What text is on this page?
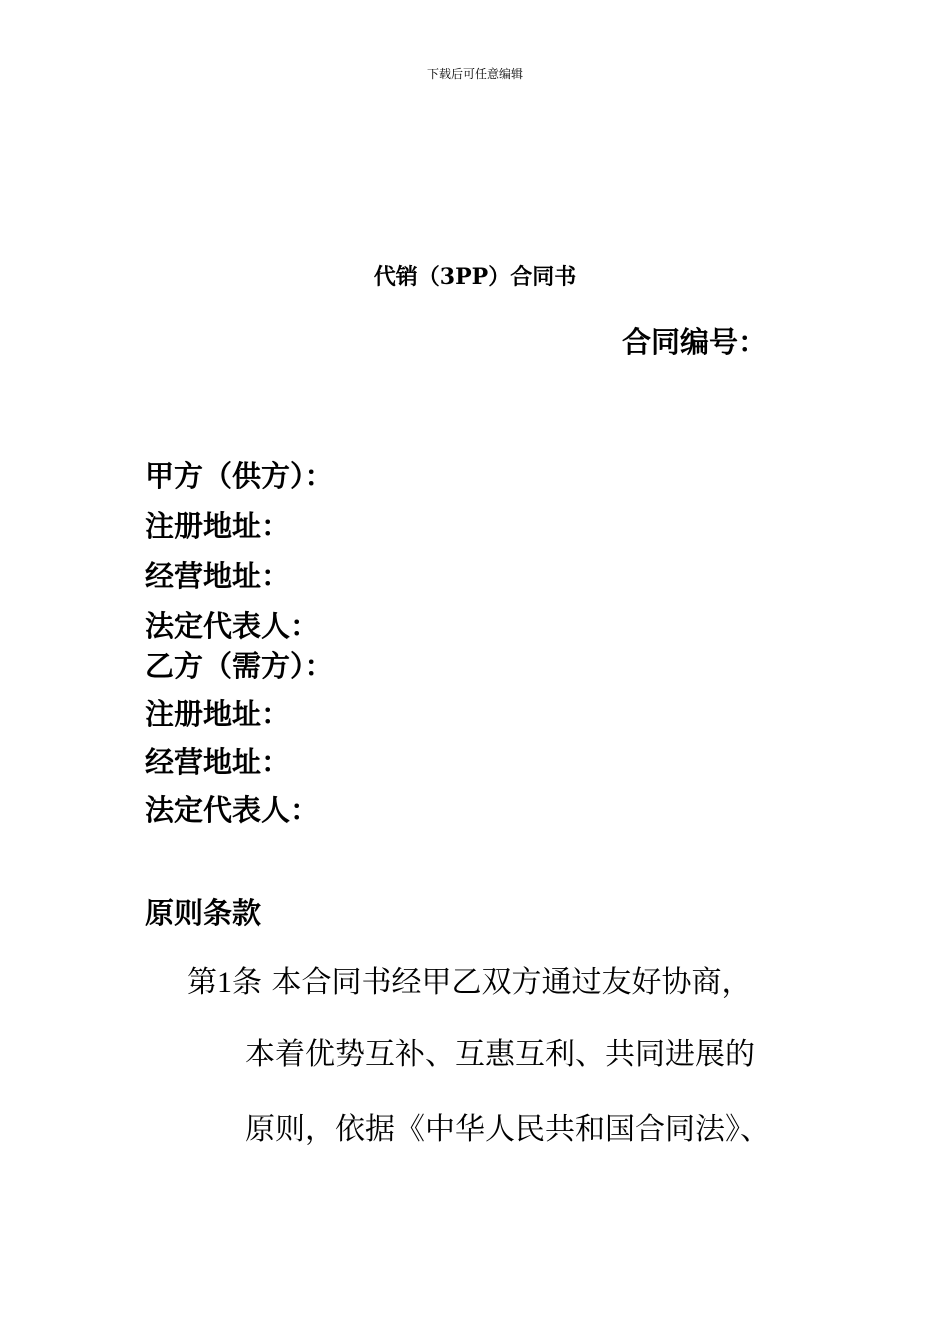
下载后可任意编辑
代销（3PP）合同书
合同编号：
甲方（供方）：
注册地址：
经营地址：
法定代表人：
乙方（需方）：
注册地址：
经营地址：
法定代表人：
原则条款
第1条 本合同书经甲乙双方通过友好协商，
本着优势互补、互惠互利、共同进展的
原则，依据《中华人民共和国合同法》、
